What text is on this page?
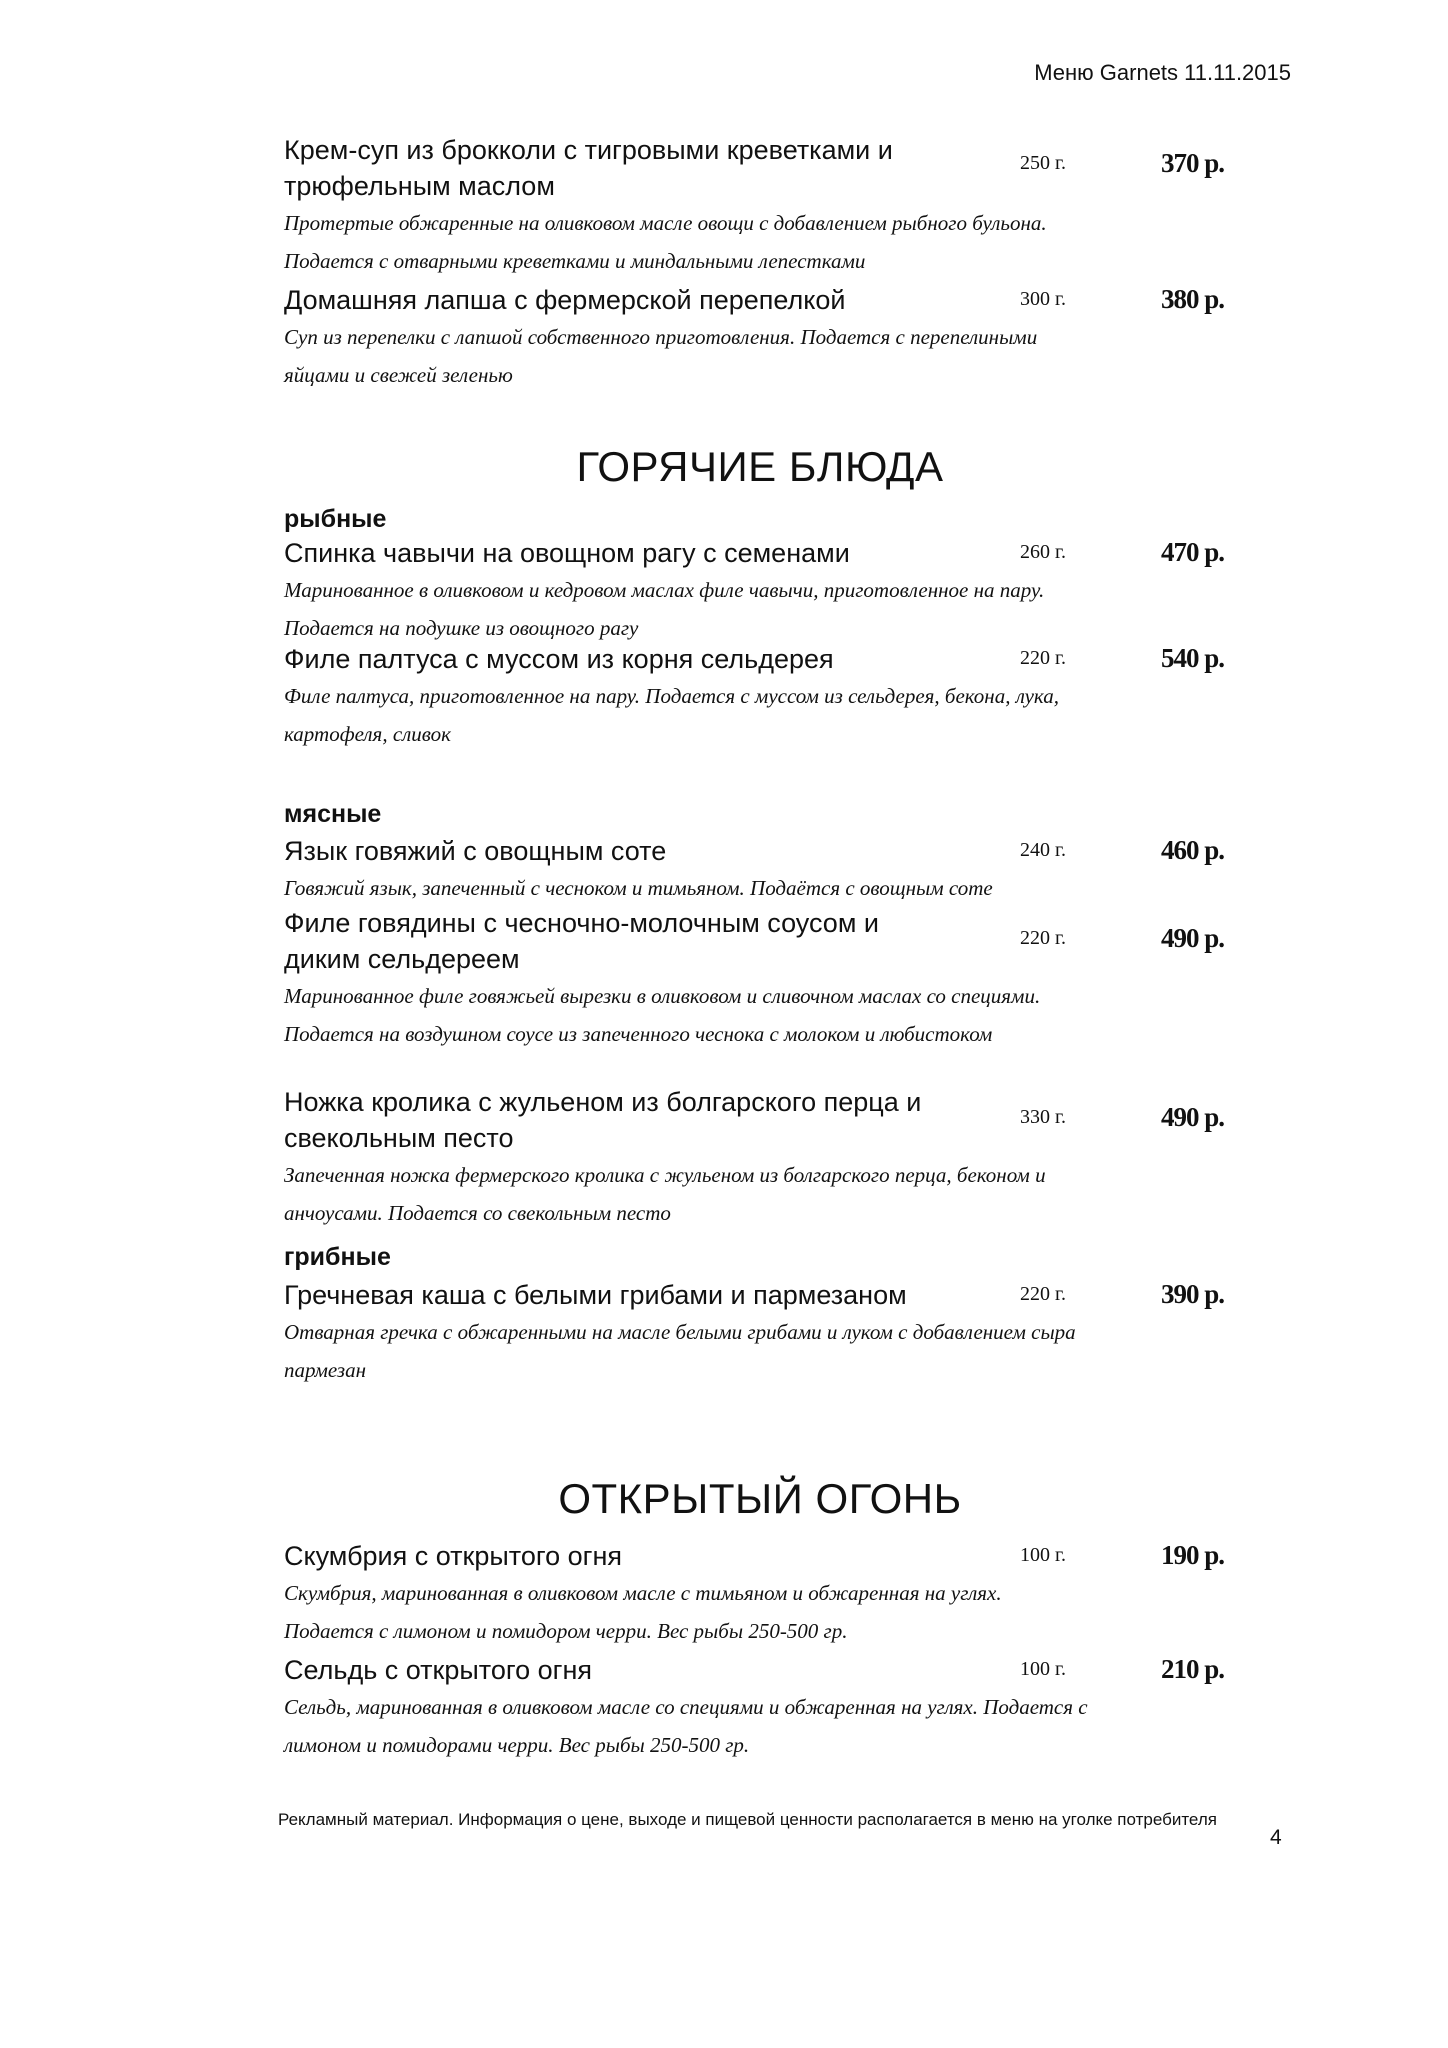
Меню Garnets 11.11.2015
Крем-суп из брокколи с тигровыми креветками и
трюфельным маслом
250 г.	370 р.
Протертые обжаренные на оливковом масле овощи с добавлением рыбного бульона.
Подается с отварными креветками и миндальными лепестками
Домашняя лапша с фермерской перепелкой	300 г.	380 р.
Суп из перепелки с лапшой собственного приготовления. Подается с перепелиными
яйцами и свежей зеленью
ГОРЯЧИЕ БЛЮДА
рыбные
Спинка чавычи на овощном рагу с семенами	260 г.	470 р.
Маринованное в оливковом и кедровом маслах филе чавычи, приготовленное на пару.
Подается на подушке из овощного рагу
Филе палтуса с муссом из корня сельдерея	220 г.	540 р.
Филе палтуса, приготовленное на пару. Подается с муссом из сельдерея, бекона, лука,
картофеля, сливок
мясные
Язык говяжий с овощным соте	240 г.	460 р.
Говяжий язык, запеченный с чесноком и тимьяном. Подаётся с овощным соте
Филе говядины с чесночно-молочным соусом и
диким сельдереем
220 г.	490 р.
Маринованное филе говяжьей вырезки в оливковом и сливочном маслах со специями.
Подается на воздушном соусе из запеченного чеснока с молоком и любистоком
Ножка кролика с жульеном из болгарского перца и
свекольным песто
330 г.	490 р.
Запеченная ножка фермерского кролика с жульеном из болгарского перца, беконом и
анчоусами. Подается со свекольным песто
грибные
Гречневая каша с белыми грибами и пармезаном	220 г.	390 р.
Отварная гречка с обжаренными на масле белыми грибами и луком с добавлением сыра
пармезан
ОТКРЫТЫЙ ОГОНЬ
Скумбрия с открытого огня	100 г.	190 р.
Скумбрия, маринованная в оливковом масле с тимьяном и обжаренная на углях.
Подается с лимоном и помидором черри. Вес рыбы 250-500 гр.
Сельдь с открытого огня	100 г.	210 р.
Сельдь, маринованная в оливковом масле со специями и обжаренная на углях. Подается с
лимоном и помидорами черри. Вес рыбы 250-500 гр.
Рекламный материал. Информация о цене, выходе и пищевой ценности располагается в меню на уголке потребителя
4
